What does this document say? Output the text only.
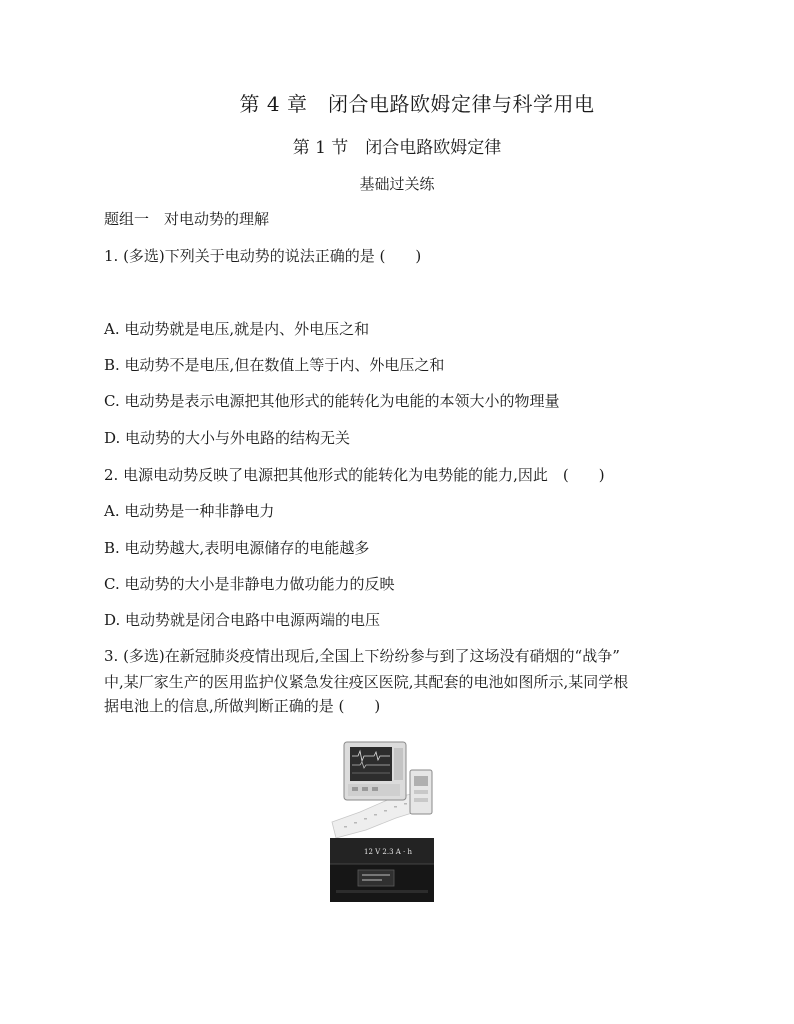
第 4 章　闭合电路欧姆定律与科学用电
第 1 节　闭合电路欧姆定律
基础过关练
题组一　对电动势的理解
1. (多选)下列关于电动势的说法正确的是 (　　)
A. 电动势就是电压,就是内、外电压之和
B. 电动势不是电压,但在数值上等于内、外电压之和
C. 电动势是表示电源把其他形式的能转化为电能的本领大小的物理量
D. 电动势的大小与外电路的结构无关
2. 电源电动势反映了电源把其他形式的能转化为电势能的能力,因此　(　　)
A. 电动势是一种非静电力
B. 电动势越大,表明电源储存的电能越多
C. 电动势的大小是非静电力做功能力的反映
D. 电动势就是闭合电路中电源两端的电压
3. (多选)在新冠肺炎疫情出现后,全国上下纷纷参与到了这场没有硝烟的“战争”
中,某厂家生产的医用监护仪紧急发往疫区医院,其配套的电池如图所示,某同学根
据电池上的信息,所做判断正确的是 (　　)
12 V 2.3 A · h
